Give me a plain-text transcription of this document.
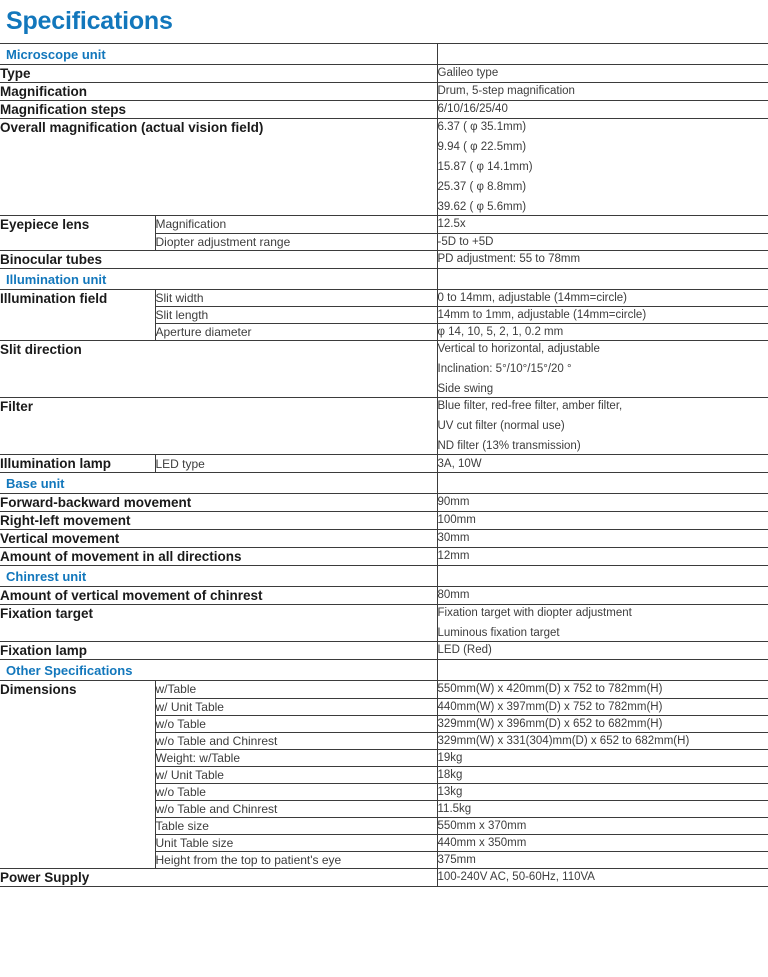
Specifications
Microscope unit		
Type		Galileo type

Magnification		Drum, 5-step magnification

Magnification steps		6/10/16/25/40

Overall magnification (actual vision field)		6.37 ( φ 35.1mm)
9.94 ( φ 22.5mm)
15.87 ( φ 14.1mm)
25.37 ( φ 8.8mm)
39.62 ( φ 5.6mm)

Eyepiece lens	Magnification	12.5x

	Diopter adjustment range	-5D to +5D

Binocular tubes		PD adjustment: 55 to 78mm

Illumination unit		
Illumination field	Slit width	0 to 14mm, adjustable (14mm=circle)

	Slit length	14mm to 1mm, adjustable (14mm=circle)

	Aperture diameter	φ 14, 10, 5, 2, 1, 0.2 mm

Slit direction		Vertical to horizontal, adjustable
Inclination: 5°/10°/15°/20 °
Side swing

Filter		Blue filter, red-free filter, amber filter,
UV cut filter (normal use)
ND filter (13% transmission)

Illumination lamp	LED type	3A, 10W

Base unit		
Forward-backward movement		90mm

Right-left movement		100mm

Vertical movement		30mm

Amount of movement in all directions		12mm

Chinrest unit		
Amount of vertical movement of chinrest		80mm

Fixation target		Fixation target with diopter adjustment
Luminous fixation target

Fixation lamp		LED (Red)

Other Specifications		
Dimensions	w/Table	550mm(W) x 420mm(D) x 752 to 782mm(H)

	w/ Unit Table	440mm(W) x 397mm(D) x 752 to 782mm(H)

	w/o Table	329mm(W) x 396mm(D) x 652 to 682mm(H)

	w/o Table and Chinrest	329mm(W) x 331(304)mm(D) x 652 to 682mm(H)

	Weight: w/Table	19kg

	w/ Unit Table	18kg

	w/o Table	13kg

	w/o Table and Chinrest	11.5kg

	Table size	550mm x 370mm

	Unit Table size	440mm x 350mm

	Height from the top to patient's eye	375mm

Power Supply		100-240V AC, 50-60Hz, 110VA
